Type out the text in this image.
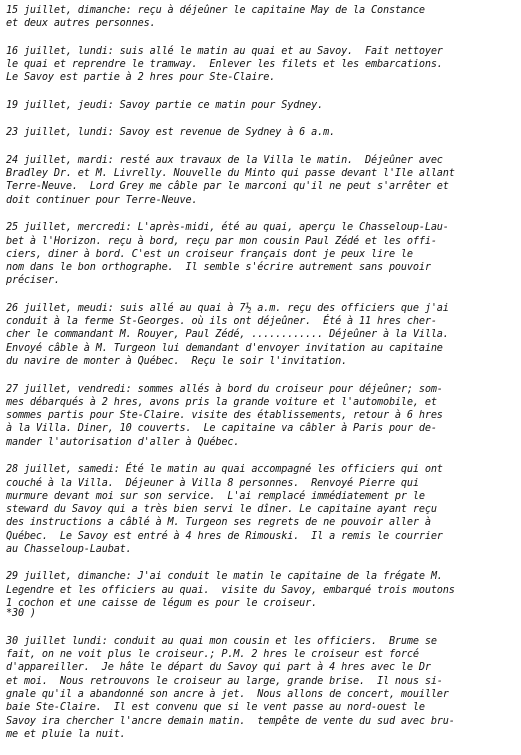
15 juillet, dimanche: reçu à déjeûner le capitaine May de la Constance

et deux autres personnes.

16 juillet, lundi: suis allé le matin au quai et au Savoy.  Fait nettoyer

le quai et reprendre le tramway.  Enlever les filets et les embarcations.

Le Savoy est partie à 2 hres pour Ste-Claire.

19 juillet, jeudi: Savoy partie ce matin pour Sydney.

23 juillet, lundi: Savoy est revenue de Sydney à 6 a.m.

24 juillet, mardi: resté aux travaux de la Villa le matin.  Déjeûner avec

Bradley Dr. et M. Livrelly. Nouvelle du Minto qui passe devant l'Ile allant

Terre-Neuve.  Lord Grey me câble par le marconi qu'il ne peut s'arrêter et

doit continuer pour Terre-Neuve.

25 juillet, mercredi: L'après-midi, été au quai, aperçu le Chasseloup-Lau-

bet à l'Horizon. reçu à bord, reçu par mon cousin Paul Zédé et les offi-

ciers, diner à bord. C'est un croiseur français dont je peux lire le

nom dans le bon orthographe.  Il semble s'écrire autrement sans pouvoir

préciser.

26 juillet, meudi: suis allé au quai à 7½ a.m. reçu des officiers que j'ai

conduit à la ferme St-Georges. où ils ont déjeûner.  Été à 11 hres cher-

cher le commandant M. Rouyer, Paul Zédé, ............ Déjeûner à la Villa.

Envoyé câble à M. Turgeon lui demandant d'envoyer invitation au capitaine

du navire de monter à Québec.  Reçu le soir l'invitation.

27 juillet, vendredi: sommes allés à bord du croiseur pour déjeûner; som-

mes débarqués à 2 hres, avons pris la grande voiture et l'automobile, et

sommes partis pour Ste-Claire. visite des établissements, retour à 6 hres

à la Villa. Diner, 10 couverts.  Le capitaine va câbler à Paris pour de-

mander l'autorisation d'aller à Québec.

28 juillet, samedi: Été le matin au quai accompagné les officiers qui ont

couché à la Villa.  Déjeuner à Villa 8 personnes.  Renvoyé Pierre qui

murmure devant moi sur son service.  L'ai remplacé immédiatement pr le

steward du Savoy qui a très bien servi le dîner. Le capitaine ayant reçu

des instructions a câblé à M. Turgeon ses regrets de ne pouvoir aller à

Québec.  Le Savoy est entré à 4 hres de Rimouski.  Il a remis le courrier

au Chasseloup-Laubat.

29 juillet, dimanche: J'ai conduit le matin le capitaine de la frégate M.

Legendre et les officiers au quai.  visite du Savoy, embarqué trois moutons

1 cochon et une caisse de légum es pour le croiseur.

*30 )

30 juillet lundi: conduit au quai mon cousin et les officiers.  Brume se

fait, on ne voit plus le croiseur.; P.M. 2 hres le croiseur est forcé

d'appareiller.  Je hâte le départ du Savoy qui part à 4 hres avec le Dr

et moi.  Nous retrouvons le croiseur au large, grande brise.  Il nous si-

gnale qu'il a abandonné son ancre à jet.  Nous allons de concert, mouiller

baie Ste-Claire.  Il est convenu que si le vent passe au nord-ouest le

Savoy ira chercher l'ancre demain matin.  tempête de vente du sud avec bru-

me et pluie la nuit.
